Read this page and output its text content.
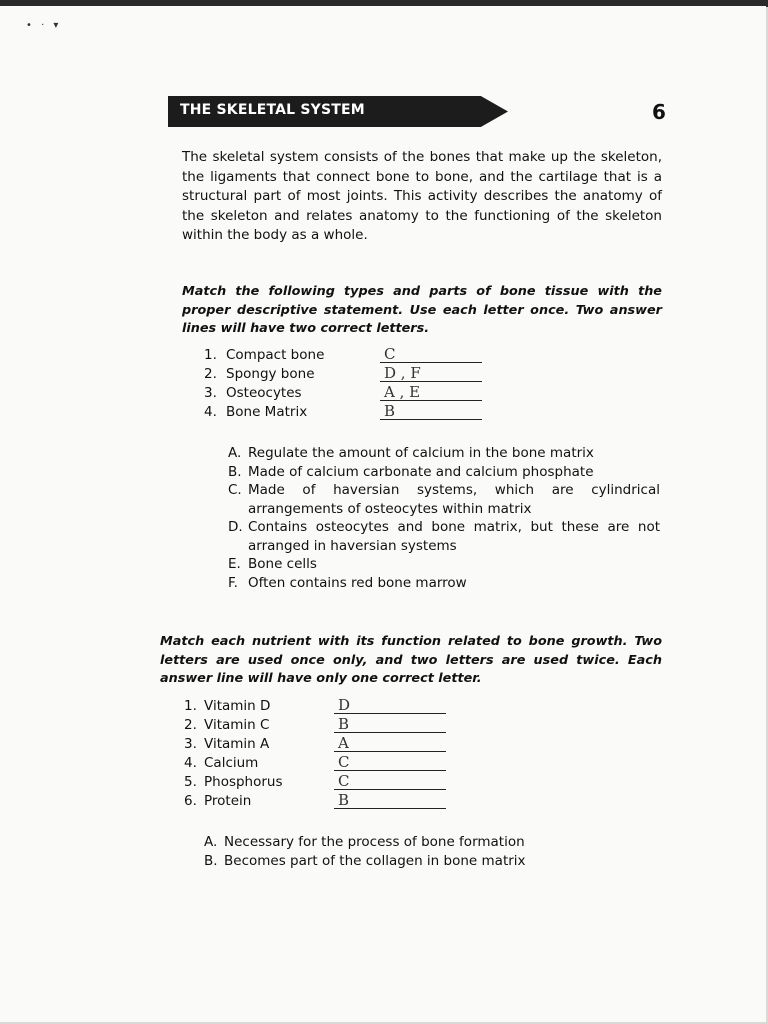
• · ▾
THE SKELETAL SYSTEM	6

The skeletal system consists of the bones that make up the skeleton, the ligaments that connect bone to bone, and the cartilage that is a structural part of most joints. This activity describes the anatomy of the skeleton and relates anatomy to the functioning of the skeleton within the body as a whole.

Match the following types and parts of bone tissue with the proper descriptive statement. Use each letter once. Two answer lines will have two correct letters.

1. Compact bone	C
2. Spongy bone	D , F
3. Osteocytes	A , E
4. Bone Matrix	B
A. Regulate the amount of calcium in the bone matrix
B. Made of calcium carbonate and calcium phosphate
C. Made of haversian systems, which are cylindrical arrangements of osteocytes within matrix
D. Contains osteocytes and bone matrix, but these are not arranged in haversian systems
E. Bone cells
F. Often contains red bone marrow

Match each nutrient with its function related to bone growth. Two letters are used once only, and two letters are used twice. Each answer line will have only one correct letter.

1. Vitamin D	D
2. Vitamin C	B
3. Vitamin A	A
4. Calcium	C
5. Phosphorus	C
6. Protein	B
A. Necessary for the process of bone formation
B. Becomes part of the collagen in bone matrix
